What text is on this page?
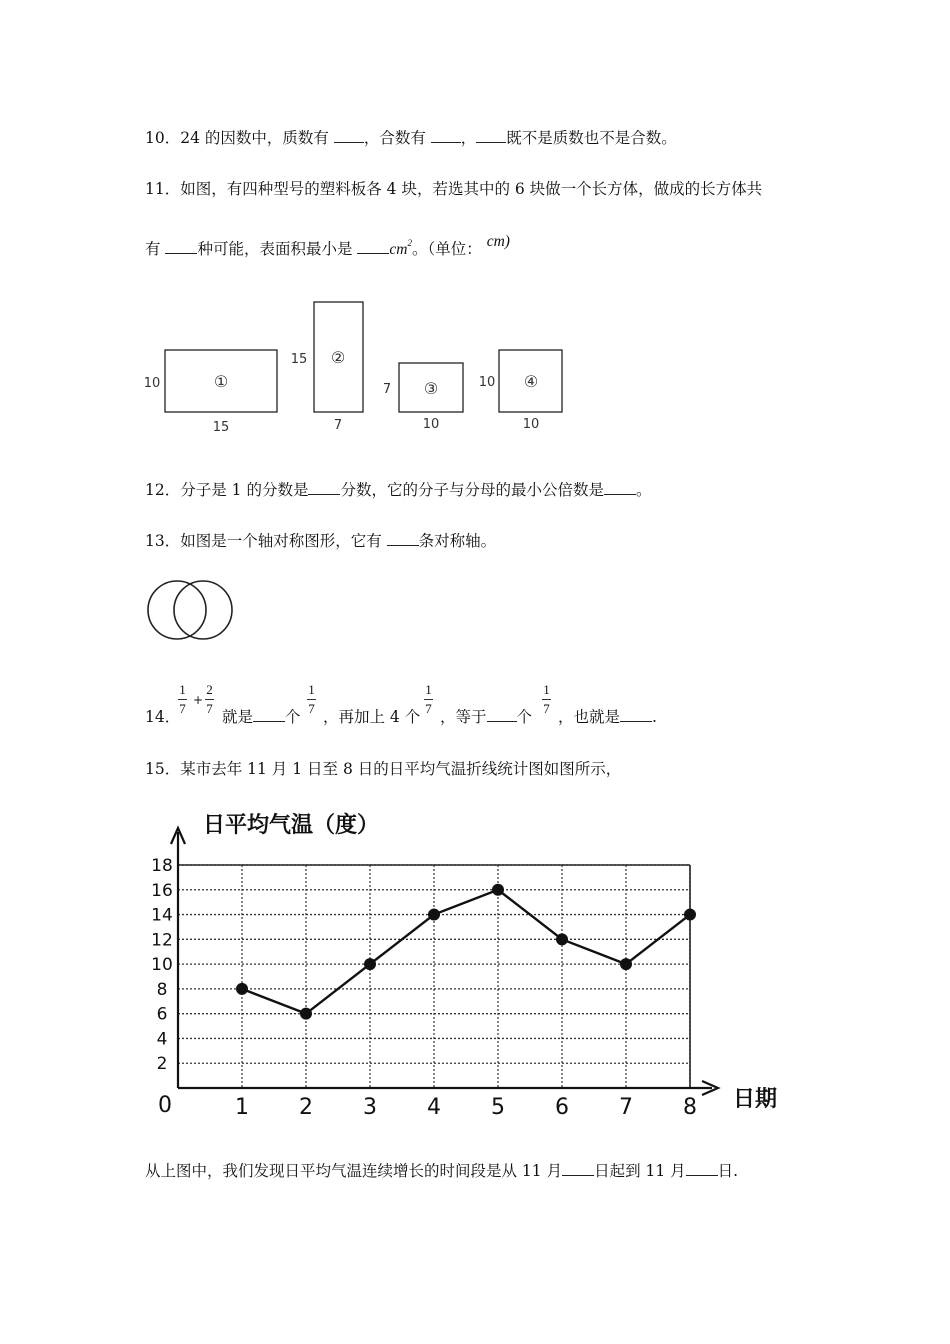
10．24 的因数中，质数有 ，合数有 ， 既不是质数也不是合数。
11．如图，有四种型号的塑料板各 4 块，若选其中的 6 块做一个长方体，做成的长方体共
有 种可能，表面积最小是 $cm^2$。（单位： cm)
①
10
15
②
15
7
③
7
10
④
10
10
12．分子是 1 的分数是 分数，它的分子与分母的最小公倍数是 。
13．如图是一个轴对称图形，它有 条对称轴。
14．
1
7
+
2
7 就是 个
1
7 ，再加上 4 个
1
7 ，等于 个
1
7 ，也就是 .
15．某市去年 11 月 1 日至 8 日的日平均气温折线统计图如图所示，
日平均气温（度）
2
4
6
8
10
12
14
16
18
1 2 3 4 5 6 7 8
0	日期
从上图中，我们发现日平均气温连续增长的时间段是从 11 月 日起到 11 月 日.
